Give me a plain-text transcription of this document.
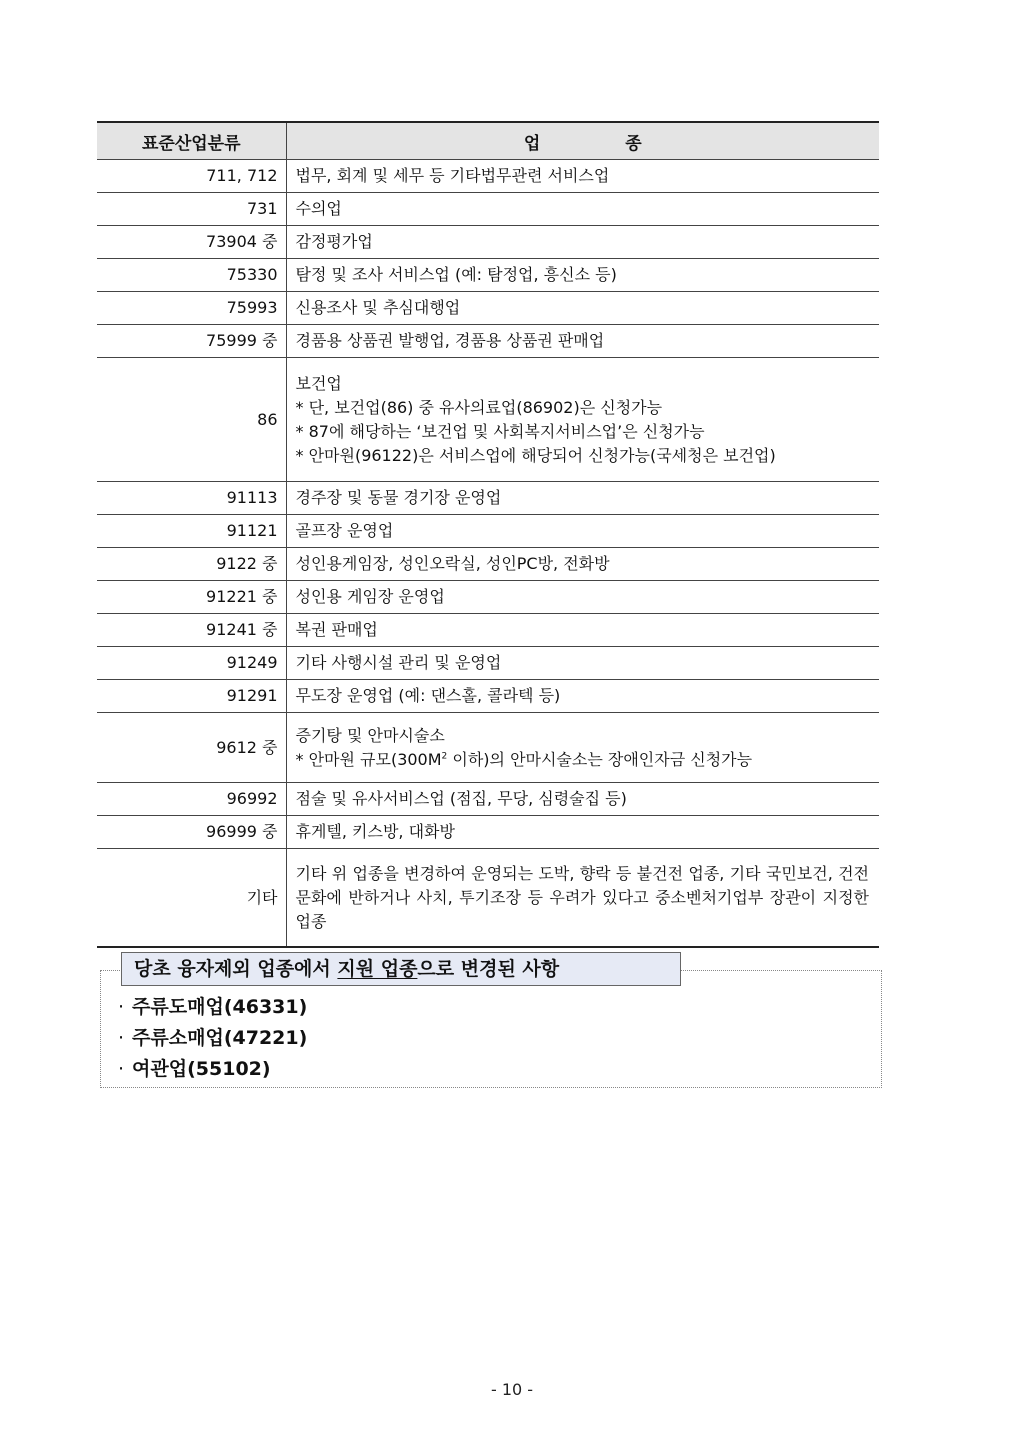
표준산업분류	업　　　　　종
711, 712	법무, 회계 및 세무 등 기타법무관련 서비스업
731	수의업
73904 중	감정평가업
75330	탐정 및 조사 서비스업 (예: 탐정업, 흥신소 등)
75993	신용조사 및 추심대행업
75999 중	경품용 상품권 발행업, 경품용 상품권 판매업
86	보건업
* 단, 보건업(86) 중 유사의료업(86902)은 신청가능
* 87에 해당하는 ‘보건업 및 사회복지서비스업’은 신청가능
* 안마원(96122)은 서비스업에 해당되어 신청가능(국세청은 보건업)

91113	경주장 및 동물 경기장 운영업
91121	골프장 운영업
9122 중	성인용게임장, 성인오락실, 성인PC방, 전화방
91221 중	성인용 게임장 운영업
91241 중	복권 판매업
91249	기타 사행시설 관리 및 운영업
91291	무도장 운영업 (예: 댄스홀, 콜라텍 등)
9612 중	증기탕 및 안마시술소
* 안마원 규모($300M^2$ 이하)의 안마시술소는 장애인자금 신청가능

96992	점술 및 유사서비스업 (점집, 무당, 심령술집 등)
96999 중	휴게텔, 키스방, 대화방
기타	기타 위 업종을 변경하여 운영되는 도박, 향락 등 불건전 업종, 기타 국민보건, 건전문화에 반하거나 사치, 투기조장 등 우려가 있다고 중소벤처기업부 장관이 지정한 업종
당초 융자제외 업종에서 지원 업종으로 변경된 사항
· 주류도매업(46331)
· 주류소매업(47221)
· 여관업(55102)
- 10 -
